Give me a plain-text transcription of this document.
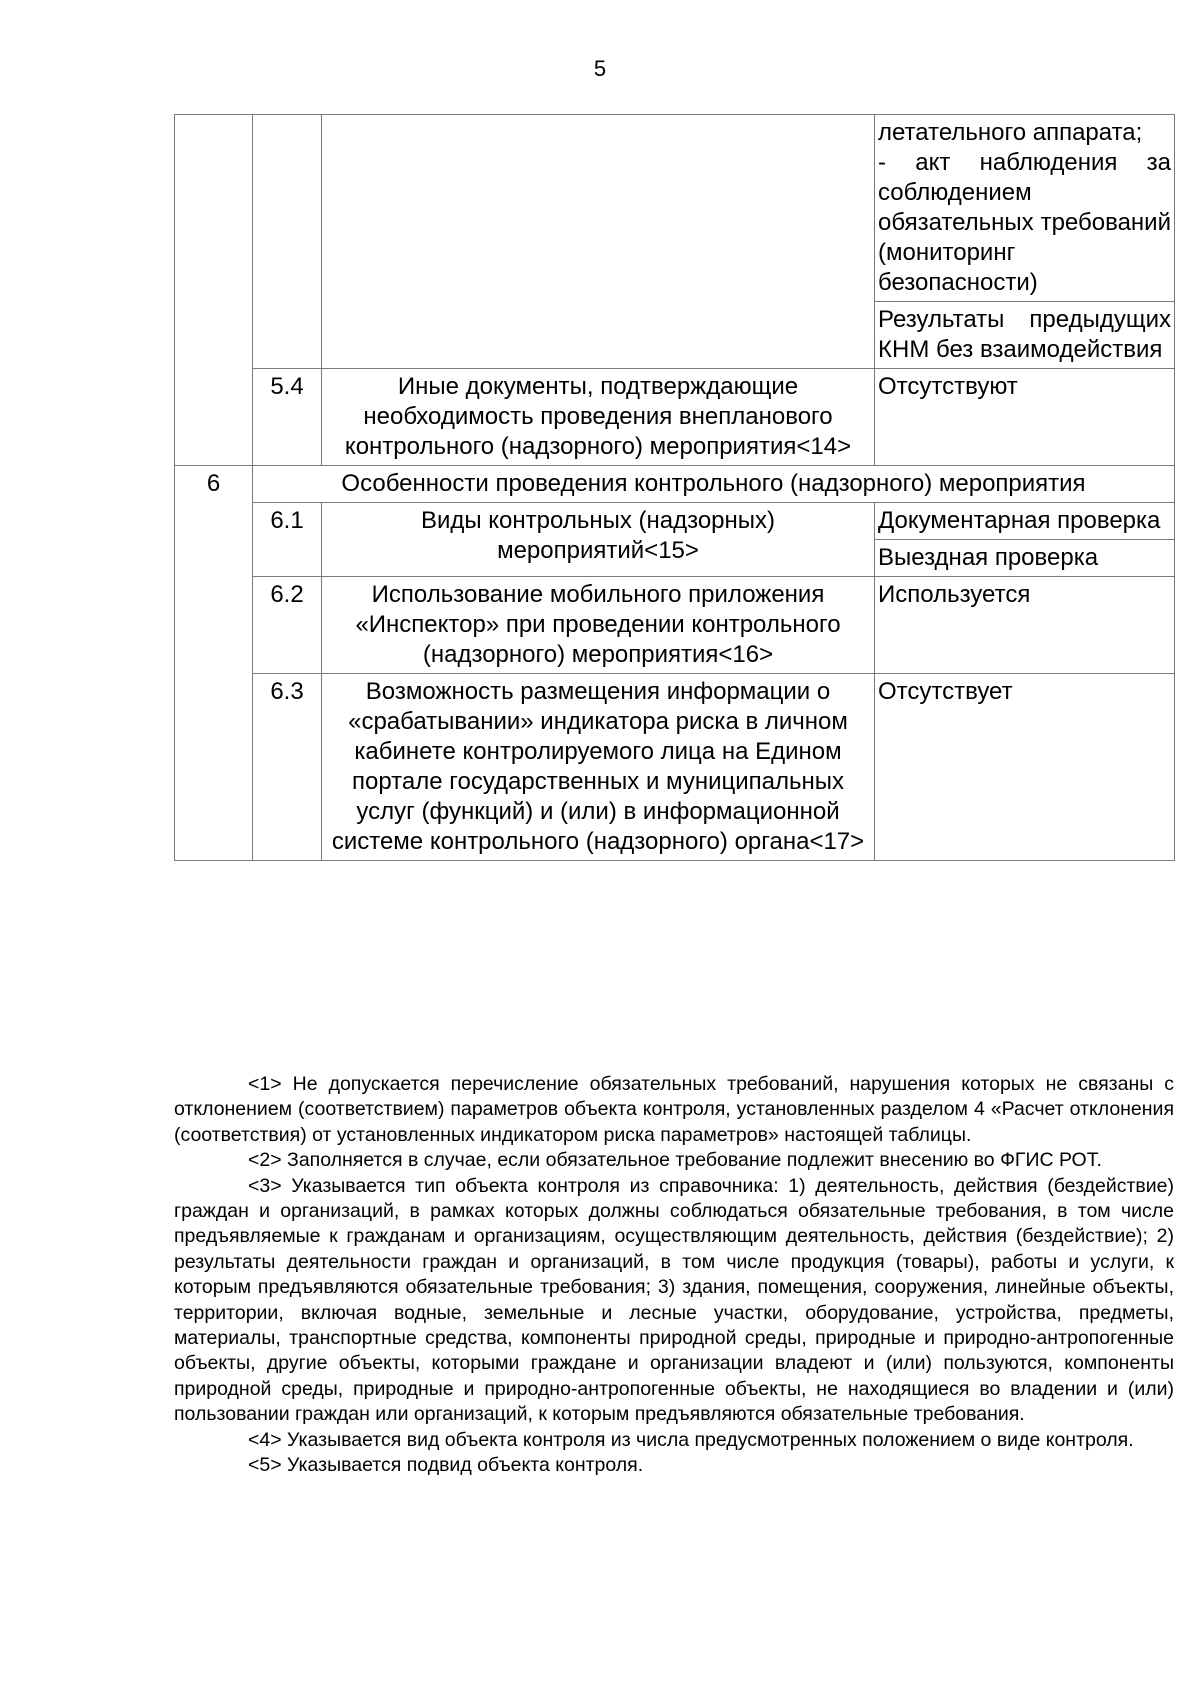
5
			летательного аппарата;
- акт наблюдения за соблюдением обязательных требований (мониторинг безопасности)
			Результаты предыдущих КНМ без взаимодействия
	5.4	Иные документы, подтверждающие необходимость проведения внепланового контрольного (надзорного) мероприятия<14>	Отсутствуют
6	Особенности проведения контрольного (надзорного) мероприятия		
	6.1	Виды контрольных (надзорных) мероприятий<15>	Документарная проверка
			Выездная проверка
	6.2	Использование мобильного приложения «Инспектор» при проведении контрольного (надзорного) мероприятия<16>	Используется
	6.3	Возможность размещения информации о «срабатывании» индикатора риска в личном кабинете контролируемого лица на Едином портале государственных и муниципальных услуг (функций) и (или) в информационной системе контрольного (надзорного) органа<17>	Отсутствует

<1> Не допускается перечисление обязательных требований, нарушения которых не связаны с отклонением (соответствием) параметров объекта контроля, установленных разделом 4 «Расчет отклонения (соответствия) от установленных индикатором риска параметров» настоящей таблицы.

<2> Заполняется в случае, если обязательное требование подлежит внесению во ФГИС РОТ.

<3> Указывается тип объекта контроля из справочника: 1) деятельность, действия (бездействие) граждан и организаций, в рамках которых должны соблюдаться обязательные требования, в том числе предъявляемые к гражданам и организациям, осуществляющим деятельность, действия (бездействие); 2) результаты деятельности граждан и организаций, в том числе продукция (товары), работы и услуги, к которым предъявляются обязательные требования; 3) здания, помещения, сооружения, линейные объекты, территории, включая водные, земельные и лесные участки, оборудование, устройства, предметы, материалы, транспортные средства, компоненты природной среды, природные и природно-антропогенные объекты, другие объекты, которыми граждане и организации владеют и (или) пользуются, компоненты природной среды, природные и природно-антропогенные объекты, не находящиеся во владении и (или) пользовании граждан или организаций, к которым предъявляются обязательные требования.

<4> Указывается вид объекта контроля из числа предусмотренных положением о виде контроля.

<5> Указывается подвид объекта контроля.
